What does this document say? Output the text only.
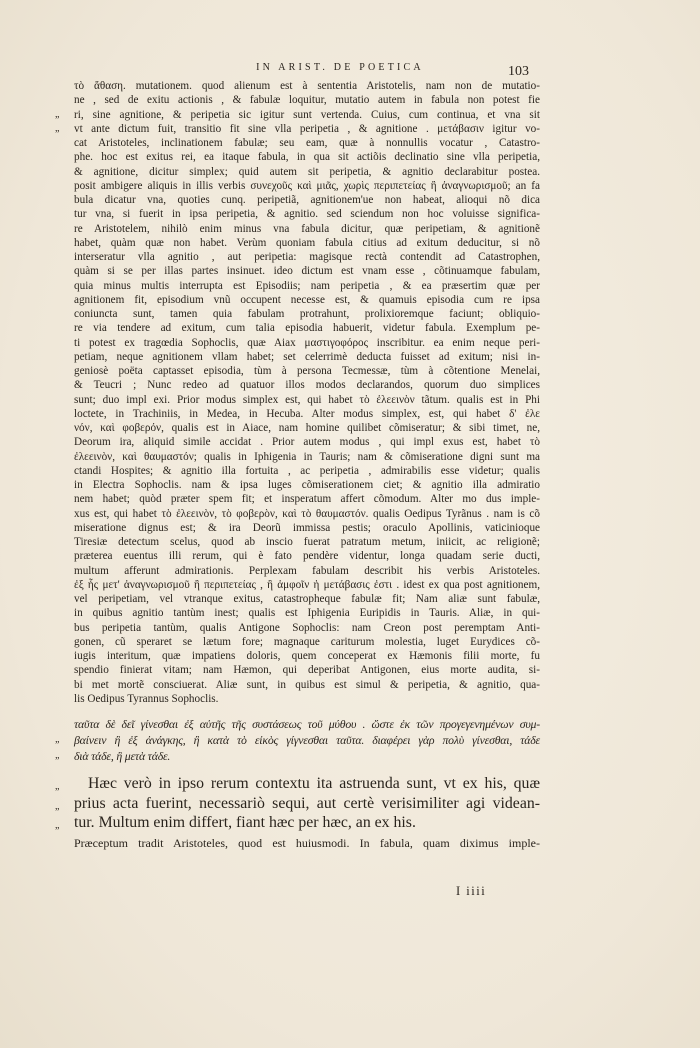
IN ARIST. DE POETICA	103
τὸ ἄθαση. mutationem. quod alienum est à sententia Aristotelis, nam non de mutatio-
ne , sed de exitu actionis , & fabulæ loquitur, mutatio autem in fabula non potest fie
„ ri, sine agnitione, & peripetia sic igitur sunt vertenda. Cuius, cum continua, et vna sit
„ vt ante dictum fuit, transitio fit sine vlla peripetia , & agnitione . μετάβασιν igitur vo-
cat Aristoteles, inclinationem fabulæ; seu eam, quæ à nonnullis vocatur , Catastro-
phe. hoc est exitus rei, ea itaque fabula, in qua sit actiõis declinatio sine vlla peripetia,
& agnitione, dicitur simplex; quid autem sit peripetia, & agnitio declarabitur postea.
posit ambigere aliquis in illis verbis συνεχοῦς καὶ μιᾶς, χωρὶς περιπετείας ἢ ἀναγνωρισμοῦ; an fa
bula dicatur vna, quoties cunq. peripetiã, agnitionem'ue non habeat, alioqui nõ dica
tur vna, si fuerit in ipsa peripetia, & agnitio. sed sciendum non hoc voluisse significa-
re Aristotelem, nihilò enim minus vna fabula dicitur, quæ peripetiam, & agnitionẽ
habet, quàm quæ non habet. Verùm quoniam fabula citius ad exitum deducitur, si nõ
interseratur vlla agnitio , aut peripetia: magisque rectà contendit ad Catastrophen,
quàm si se per illas partes insinuet. ideo dictum est vnam esse , cõtinuamque fabulam,
quia minus multis interrupta est Episodiis; nam peripetia , & ea præsertim quæ per
agnitionem fit, episodium vnũ occupent necesse est, & quamuis episodia cum re ipsa
coniuncta sunt, tamen quia fabulam protrahunt, prolixioremque faciunt; obliquio-
re via tendere ad exitum, cum talia episodia habuerit, videtur fabula. Exemplum pe-
ti potest ex tragœdia Sophoclis, quæ Aiax μαστιγοφόρος inscribitur. ea enim neque peri-
petiam, neque agnitionem vllam habet; set celerrimè deducta fuisset ad exitum; nisi in-
geniosè poëta captasset episodia, tùm à persona Tecmessæ, tùm à cõtentione Menelai,
& Teucri ; Nunc redeo ad quatuor illos modos declarandos, quorum duo simplices
sunt; duo impl exi. Prior modus simplex est, qui habet τὸ ἐλεεινὸν tãtum. qualis est in Phi
loctete, in Trachiniis, in Medea, in Hecuba. Alter modus simplex, est, qui habet δ' ἐλε
νόν, καὶ φοβερόν, qualis est in Aiace, nam homine quilibet cõmiseratur; & sibi timet, ne,
Deorum ira, aliquid simile accidat . Prior autem modus , qui impl exus est, habet τὸ
ἐλεεινὸν, καὶ θαυμαστόν; qualis in Iphigenia in Tauris; nam & cõmiseratione digni sunt ma
ctandi Hospites; & agnitio illa fortuita , ac peripetia , admirabilis esse videtur; qualis
in Electra Sophoclis. nam & ipsa luges cõmiserationem ciet; & agnitio illa admiratio
nem habet; quòd præter spem fit; et insperatum affert cõmodum. Alter mo dus imple-
xus est, qui habet τὸ ἐλεεινὸν, τὸ φοβερὸν, καὶ τὸ θαυμαστόν. qualis Oedipus Tyrãnus . nam is cõ
miseratione dignus est; & ira Deorũ immissa pestis; oraculo Apollinis, vaticinioque
Tiresiæ detectum scelus, quod ab inscio fuerat patratum metum, iniicit, ac religionẽ;
præterea euentus illi rerum, qui è fato pendère videntur, longa quadam serie ducti,
multum afferunt admirationis. Perplexam fabulam describit his verbis Aristoteles.
ἐξ ἧς μετ' ἀναγνωρισμοῦ ἢ περιπετείας , ἢ ἀμφοῖν ἡ μετάβασις ἐστι . idest ex qua post agnitionem,
vel peripetiam, vel vtranque exitus, catastropheque fabulæ fit; Nam aliæ sunt fabulæ,
in quibus agnitio tantùm inest; qualis est Iphigenia Euripidis in Tauris. Aliæ, in qui-
bus peripetia tantùm, qualis Antigone Sophoclis: nam Creon post peremptam Anti-
gonen, cũ speraret se lætum fore; magnaque cariturum molestia, luget Eurydices cõ-
iugis interitum, quæ impatiens doloris, quem conceperat ex Hæmonis filii morte, fu
spendio finierat vitam; nam Hæmon, qui deperibat Antigonen, eius morte audita, si-
bi met mortẽ consciuerat. Aliæ sunt, in quibus est simul & peripetia, & agnitio, qua-
lis Oedipus Tyrannus Sophoclis.
ταῦτα δὲ δεῖ γίνεσθαι ἐξ αὐτῆς τῆς συστάσεως τοῦ μύθου . ὥστε ἐκ τῶν προγεγενημένων συμ-
„ βαίνειν ἢ ἐξ ἀνάγκης, ἢ κατὰ τὸ εἰκὸς γίγνεσθαι ταῦτα. διαφέρει γὰρ πολὺ γίνεσθαι, τάδε
„ διὰ τάδε, ἢ μετὰ τάδε.
„ Hæc verò in ipso rerum contextu ita astruenda sunt, vt ex his, quæ
„ prius acta fuerint, necessariò sequi, aut certè verisimiliter agi videan-
„ tur. Multum enim differt, fiant hæc per hæc, an ex his.
Præceptum tradit Aristoteles, quod est huiusmodi. In fabula, quam diximus imple-
I iiii
